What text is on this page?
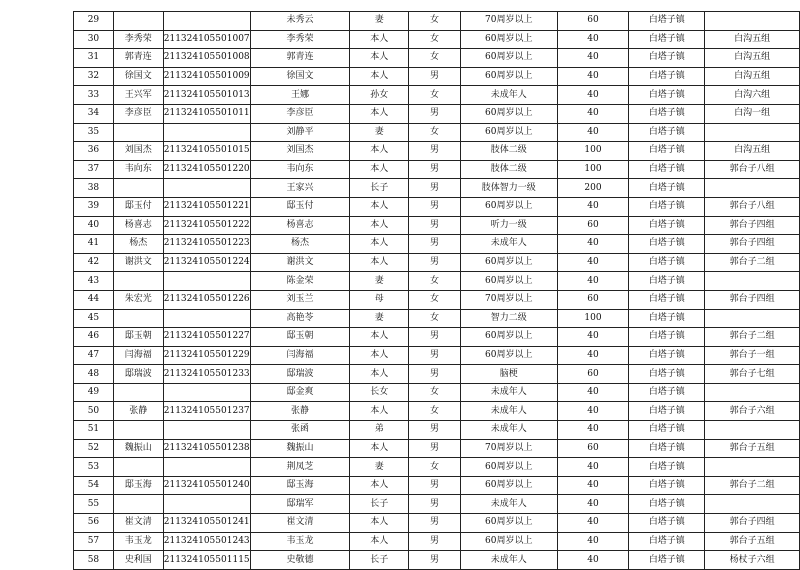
29			未秀云	妻	女	70周岁以上	60	白塔子镇	
30	李秀荣	211324105501007	李秀荣	本人	女	60周岁以上	40	白塔子镇	白沟五组
31	郭青连	211324105501008	郭青连	本人	女	60周岁以上	40	白塔子镇	白沟五组
32	徐国文	211324105501009	徐国文	本人	男	60周岁以上	40	白塔子镇	白沟五组
33	王兴军	211324105501013	王娜	孙女	女	未成年人	40	白塔子镇	白沟六组
34	李彦臣	211324105501011	李彦臣	本人	男	60周岁以上	40	白塔子镇	白沟一组
35			刘静平	妻	女	60周岁以上	40	白塔子镇	
36	刘国杰	211324105501015	刘国杰	本人	男	肢体二级	100	白塔子镇	白沟五组
37	韦向东	211324105501220	韦向东	本人	男	肢体二级	100	白塔子镇	郭台子八组
38			王家兴	长子	男	肢体智力一级	200	白塔子镇	
39	邸玉付	211324105501221	邸玉付	本人	男	60周岁以上	40	白塔子镇	郭台子八组
40	杨喜志	211324105501222	杨喜志	本人	男	听力一级	60	白塔子镇	郭台子四组
41	杨杰	211324105501223	杨杰	本人	男	未成年人	40	白塔子镇	郭台子四组
42	谢洪文	211324105501224	谢洪文	本人	男	60周岁以上	40	白塔子镇	郭台子二组
43			陈金荣	妻	女	60周岁以上	40	白塔子镇	
44	朱宏光	211324105501226	刘玉兰	母	女	70周岁以上	60	白塔子镇	郭台子四组
45			高艳苓	妻	女	智力二级	100	白塔子镇	
46	邸玉朝	211324105501227	邸玉朝	本人	男	60周岁以上	40	白塔子镇	郭台子二组
47	闫海福	211324105501229	闫海福	本人	男	60周岁以上	40	白塔子镇	郭台子一组
48	邸瑞波	211324105501233	邸瑞波	本人	男	脑梗	60	白塔子镇	郭台子七组
49			邸金爽	长女	女	未成年人	40	白塔子镇	
50	张静	211324105501237	张静	本人	女	未成年人	40	白塔子镇	郭台子六组
51			张函	弟	男	未成年人	40	白塔子镇	
52	魏振山	211324105501238	魏振山	本人	男	70周岁以上	60	白塔子镇	郭台子五组
53			荆凤芝	妻	女	60周岁以上	40	白塔子镇	
54	邸玉海	211324105501240	邸玉海	本人	男	60周岁以上	40	白塔子镇	郭台子二组
55			邸瑞军	长子	男	未成年人	40	白塔子镇	
56	崔文清	211324105501241	崔文清	本人	男	60周岁以上	40	白塔子镇	郭台子四组
57	韦玉龙	211324105501243	韦玉龙	本人	男	60周岁以上	40	白塔子镇	郭台子五组
58	史利国	211324105501115	史敬德	长子	男	未成年人	40	白塔子镇	杨杖子六组
